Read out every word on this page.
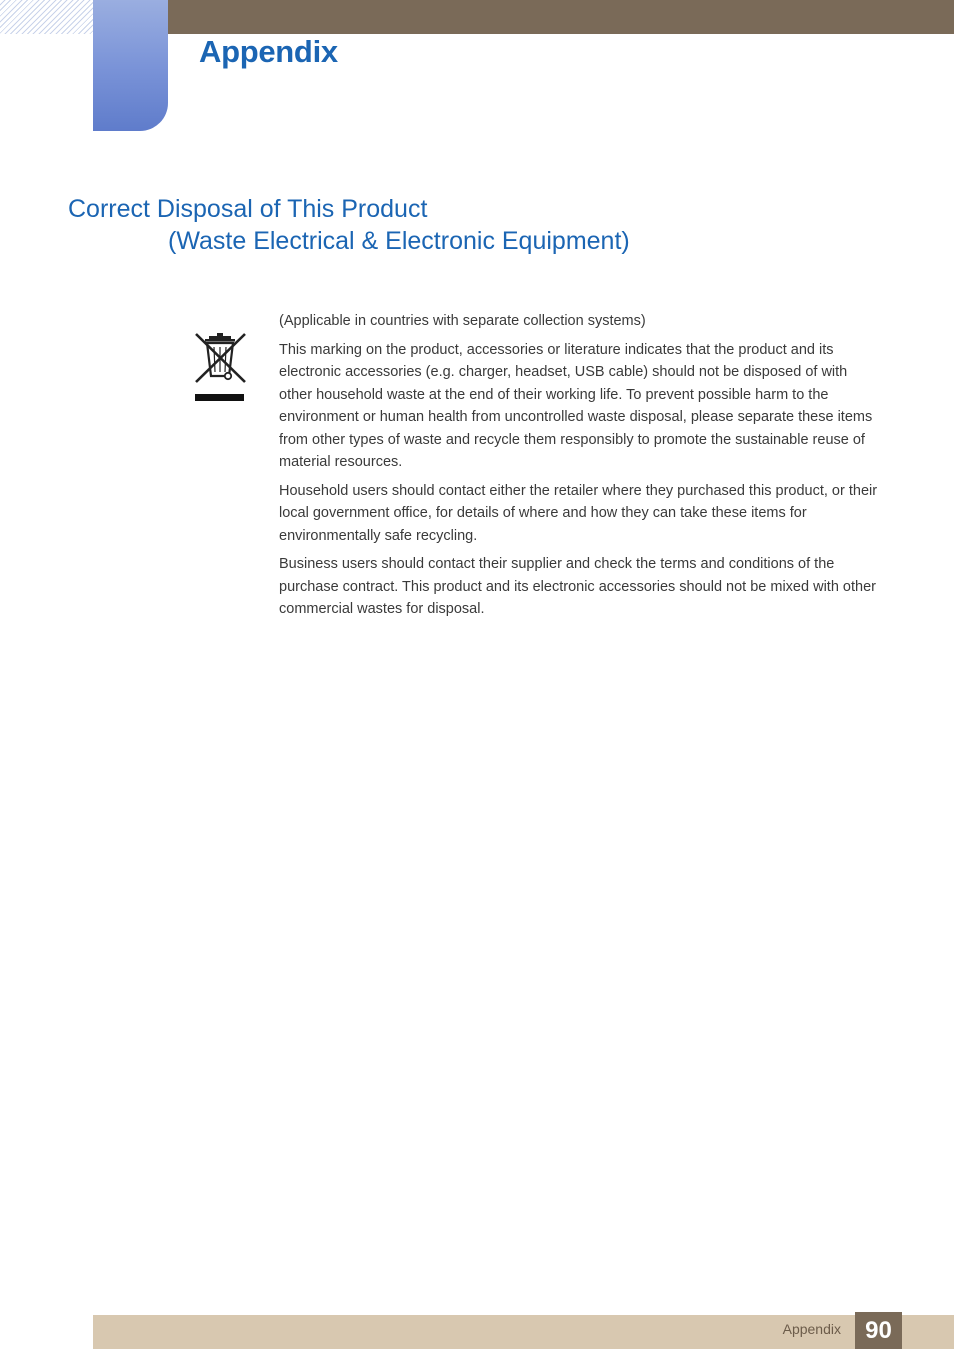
Appendix
Correct Disposal of This Product
(Waste Electrical & Electronic Equipment)

(Applicable in countries with separate collection systems)

This marking on the product, accessories or literature indicates that the product and its electronic accessories (e.g. charger, headset, USB cable) should not be disposed of with other household waste at the end of their working life. To prevent possible harm to the environment or human health from uncontrolled waste disposal, please separate these items from other types of waste and recycle them responsibly to promote the sustainable reuse of material resources.

Household users should contact either the retailer where they purchased this product, or their local government office, for details of where and how they can take these items for environmentally safe recycling.

Business users should contact their supplier and check the terms and conditions of the purchase contract. This product and its electronic accessories should not be mixed with other commercial wastes for disposal.

Appendix	90
